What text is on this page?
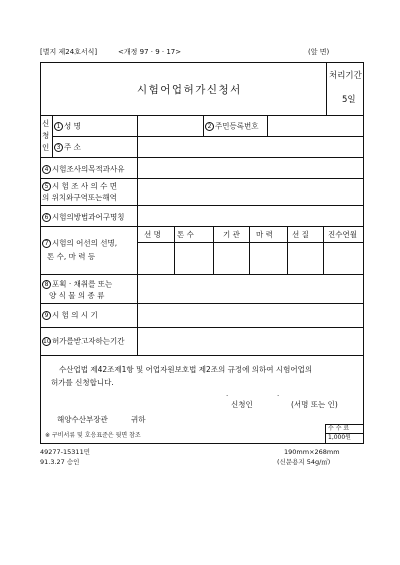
[별지 제24호서식]	<개정 97 · 9 · 17>	(앞 면)
시험어업허가신청서
처리기간
5일
신
청
인
1 성 명	2 주민등록번호
3 주 소
4 시험조사의목적과사유
5 시 험 조 사 의 수 면
의 위치와구역또는해역
6 시험의방법과어구명칭
7 시험의 어선의 선명,
톤 수, 마 력 등
선 명 톤 수	기 관 마 력	선 질	진수연월
8 포획 · 채취를 또는
양 식 물 의 종 류
9 시 험 의 시 기
10허가를받고자하는기간
수산업법 제42조제1항 및 어업자원보호법 제2조의 규정에 의하여 시험어업의
허가를 신청합니다.
.	.
신청인	(서명 또는 인)
해양수산부장관	귀하
※ 구비서류 및 호응표준은 뒷면 참조
수 수 료
1,000원
49277-15311민
91.3.27 승인
190mm×268mm
(신문용지 54g/㎡)
